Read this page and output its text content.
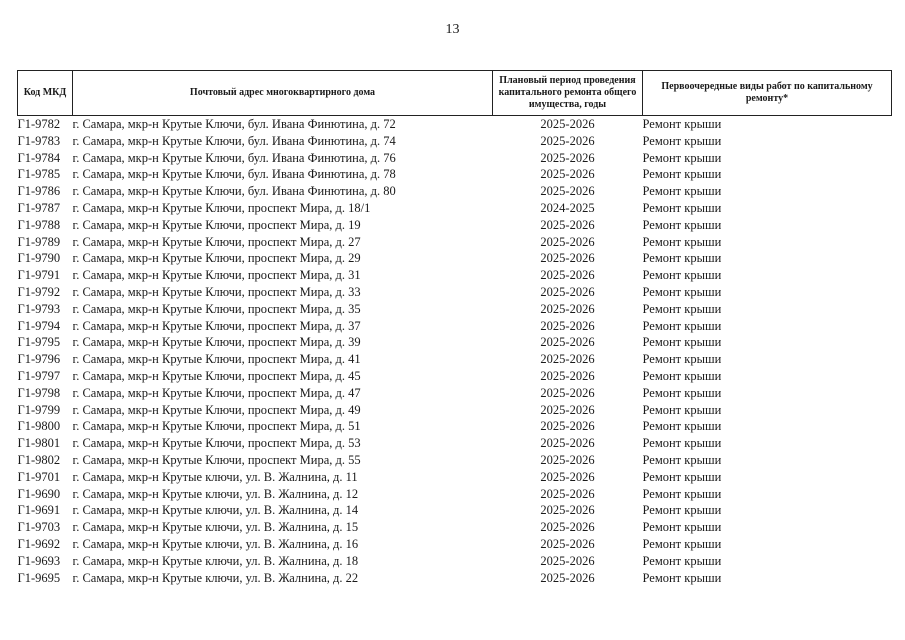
13
Код МКД	Почтовый адрес многоквартирного дома	Плановый период проведения капитального ремонта общего имущества, годы	Первоочередные виды работ по капитальному ремонту*
Г1-9782	г. Самара, мкр-н Крутые Ключи, бул. Ивана Финютина, д. 72	2025-2026	Ремонт крыши
Г1-9783	г. Самара, мкр-н Крутые Ключи, бул. Ивана Финютина, д. 74	2025-2026	Ремонт крыши
Г1-9784	г. Самара, мкр-н Крутые Ключи, бул. Ивана Финютина, д. 76	2025-2026	Ремонт крыши
Г1-9785	г. Самара, мкр-н Крутые Ключи, бул. Ивана Финютина, д. 78	2025-2026	Ремонт крыши
Г1-9786	г. Самара, мкр-н Крутые Ключи, бул. Ивана Финютина, д. 80	2025-2026	Ремонт крыши
Г1-9787	г. Самара, мкр-н Крутые Ключи, проспект Мира, д. 18/1	2024-2025	Ремонт крыши
Г1-9788	г. Самара, мкр-н Крутые Ключи, проспект Мира, д. 19	2025-2026	Ремонт крыши
Г1-9789	г. Самара, мкр-н Крутые Ключи, проспект Мира, д. 27	2025-2026	Ремонт крыши
Г1-9790	г. Самара, мкр-н Крутые Ключи, проспект Мира, д. 29	2025-2026	Ремонт крыши
Г1-9791	г. Самара, мкр-н Крутые Ключи, проспект Мира, д. 31	2025-2026	Ремонт крыши
Г1-9792	г. Самара, мкр-н Крутые Ключи, проспект Мира, д. 33	2025-2026	Ремонт крыши
Г1-9793	г. Самара, мкр-н Крутые Ключи, проспект Мира, д. 35	2025-2026	Ремонт крыши
Г1-9794	г. Самара, мкр-н Крутые Ключи, проспект Мира, д. 37	2025-2026	Ремонт крыши
Г1-9795	г. Самара, мкр-н Крутые Ключи, проспект Мира, д. 39	2025-2026	Ремонт крыши
Г1-9796	г. Самара, мкр-н Крутые Ключи, проспект Мира, д. 41	2025-2026	Ремонт крыши
Г1-9797	г. Самара, мкр-н Крутые Ключи, проспект Мира, д. 45	2025-2026	Ремонт крыши
Г1-9798	г. Самара, мкр-н Крутые Ключи, проспект Мира, д. 47	2025-2026	Ремонт крыши
Г1-9799	г. Самара, мкр-н Крутые Ключи, проспект Мира, д. 49	2025-2026	Ремонт крыши
Г1-9800	г. Самара, мкр-н Крутые Ключи, проспект Мира, д. 51	2025-2026	Ремонт крыши
Г1-9801	г. Самара, мкр-н Крутые Ключи, проспект Мира, д. 53	2025-2026	Ремонт крыши
Г1-9802	г. Самара, мкр-н Крутые Ключи, проспект Мира, д. 55	2025-2026	Ремонт крыши
Г1-9701	г. Самара, мкр-н Крутые ключи, ул. В. Жалнина, д. 11	2025-2026	Ремонт крыши
Г1-9690	г. Самара, мкр-н Крутые ключи, ул. В. Жалнина, д. 12	2025-2026	Ремонт крыши
Г1-9691	г. Самара, мкр-н Крутые ключи, ул. В. Жалнина, д. 14	2025-2026	Ремонт крыши
Г1-9703	г. Самара, мкр-н Крутые ключи, ул. В. Жалнина, д. 15	2025-2026	Ремонт крыши
Г1-9692	г. Самара, мкр-н Крутые ключи, ул. В. Жалнина, д. 16	2025-2026	Ремонт крыши
Г1-9693	г. Самара, мкр-н Крутые ключи, ул. В. Жалнина, д. 18	2025-2026	Ремонт крыши
Г1-9695	г. Самара, мкр-н Крутые ключи, ул. В. Жалнина, д. 22	2025-2026	Ремонт крыши
